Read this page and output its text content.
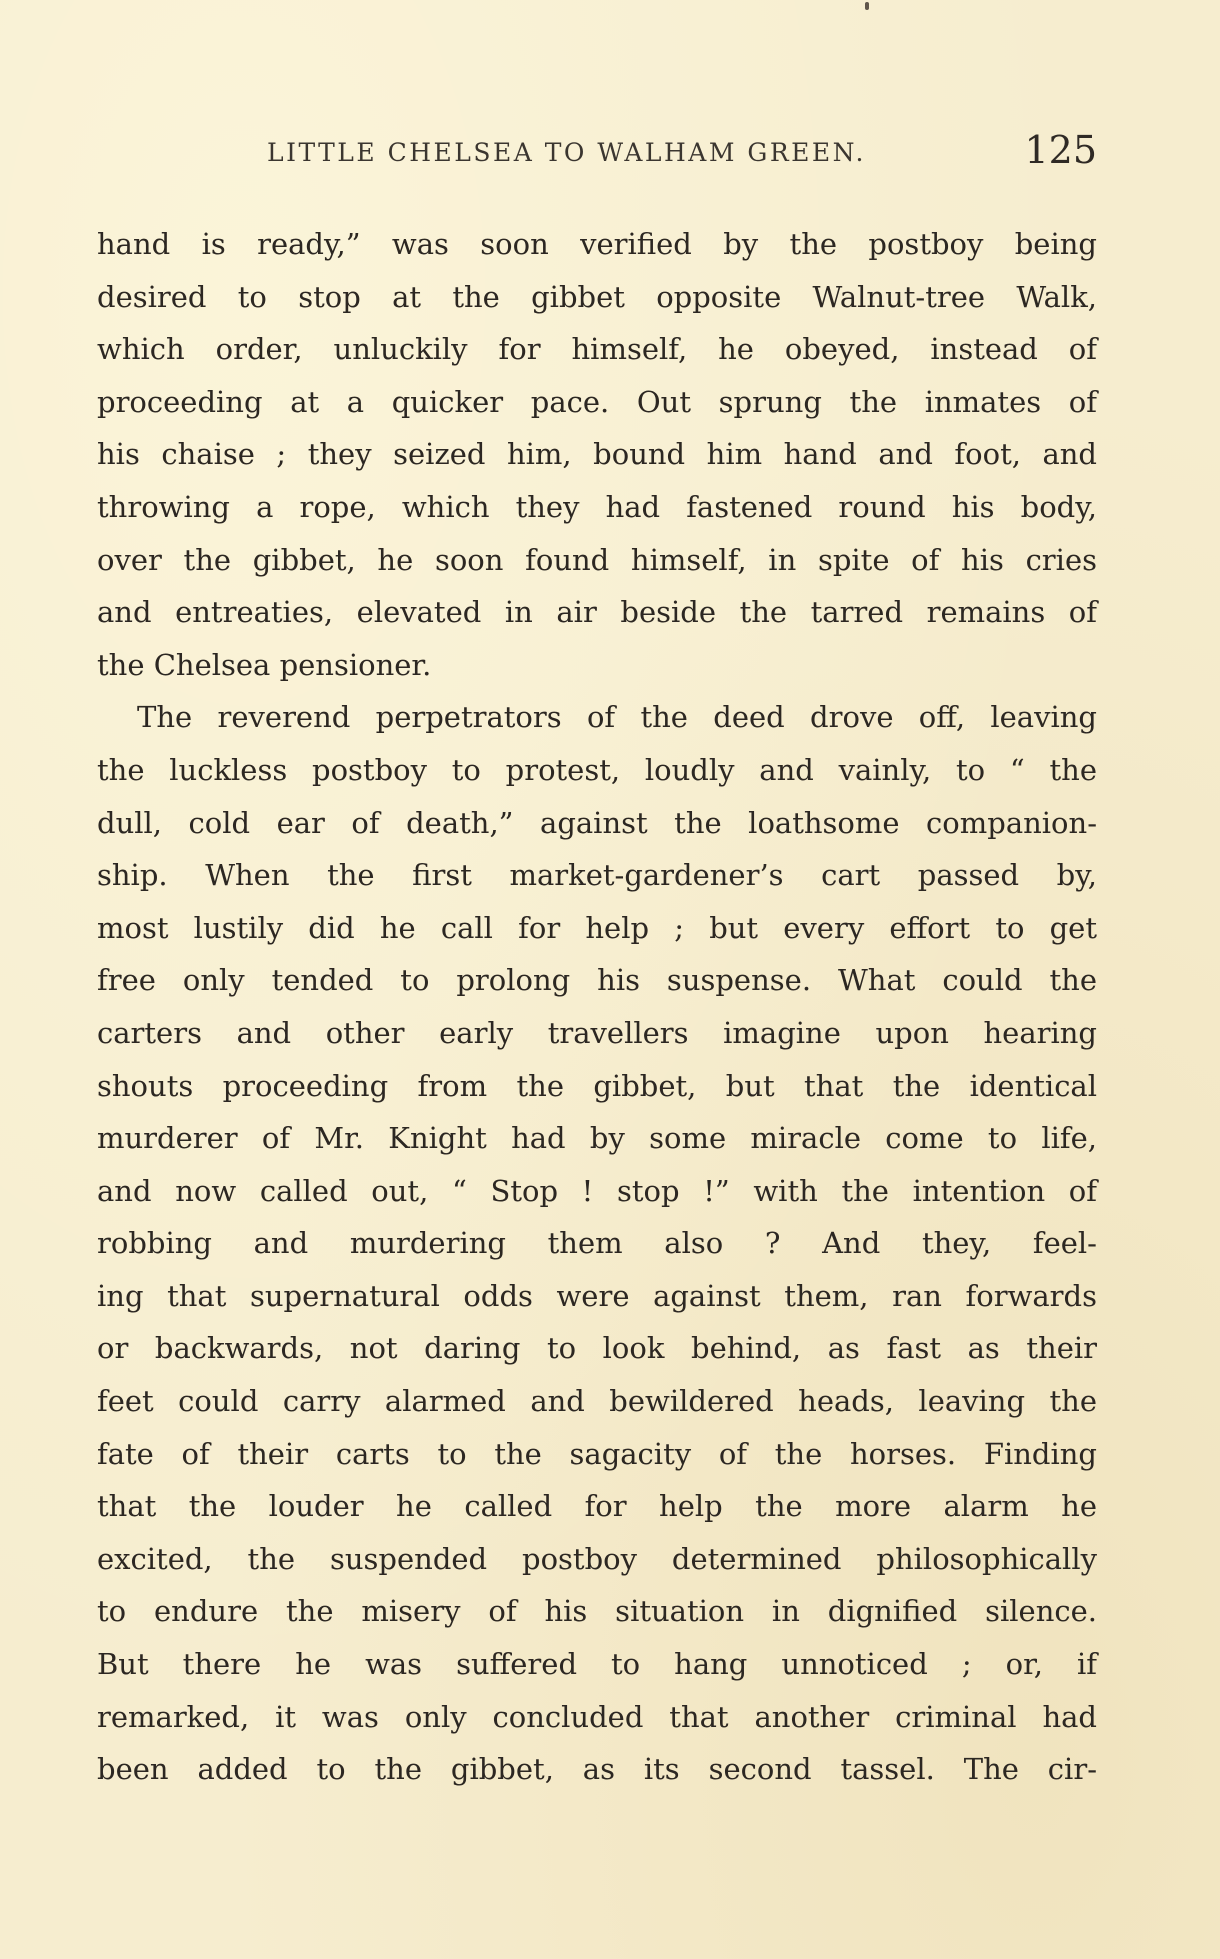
LITTLE CHELSEA TO WALHAM GREEN.	125
hand is ready,” was soon verified by the postboy being
desired to stop at the gibbet opposite Walnut-tree Walk,
which order, unluckily for himself, he obeyed, instead of
proceeding at a quicker pace. Out sprung the inmates of
his chaise ; they seized him, bound him hand and foot, and
throwing a rope, which they had fastened round his body,
over the gibbet, he soon found himself, in spite of his cries
and entreaties, elevated in air beside the tarred remains of
the Chelsea pensioner.
The reverend perpetrators of the deed drove off, leaving
the luckless postboy to protest, loudly and vainly, to “ the
dull, cold ear of death,” against the loathsome companion-
ship. When the first market-gardener’s cart passed by,
most lustily did he call for help ; but every effort to get
free only tended to prolong his suspense. What could the
carters and other early travellers imagine upon hearing
shouts proceeding from the gibbet, but that the identical
murderer of Mr. Knight had by some miracle come to life,
and now called out, “ Stop ! stop !” with the intention of
robbing and murdering them also ? And they, feel-
ing that supernatural odds were against them, ran forwards
or backwards, not daring to look behind, as fast as their
feet could carry alarmed and bewildered heads, leaving the
fate of their carts to the sagacity of the horses. Finding
that the louder he called for help the more alarm he
excited, the suspended postboy determined philosophically
to endure the misery of his situation in dignified silence.
But there he was suffered to hang unnoticed ; or, if
remarked, it was only concluded that another criminal had
been added to the gibbet, as its second tassel. The cir-
